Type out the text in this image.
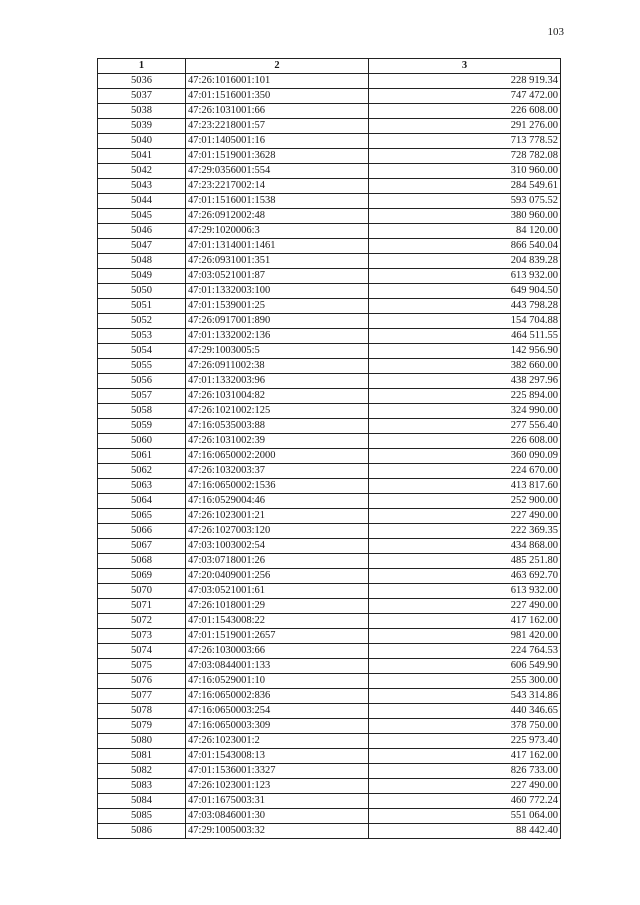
103
1	2	3
5036	47:26:1016001:101	228 919.34
5037	47:01:1516001:350	747 472.00
5038	47:26:1031001:66	226 608.00
5039	47:23:2218001:57	291 276.00
5040	47:01:1405001:16	713 778.52
5041	47:01:1519001:3628	728 782.08
5042	47:29:0356001:554	310 960.00
5043	47:23:2217002:14	284 549.61
5044	47:01:1516001:1538	593 075.52
5045	47:26:0912002:48	380 960.00
5046	47:29:1020006:3	84 120.00
5047	47:01:1314001:1461	866 540.04
5048	47:26:0931001:351	204 839.28
5049	47:03:0521001:87	613 932.00
5050	47:01:1332003:100	649 904.50
5051	47:01:1539001:25	443 798.28
5052	47:26:0917001:890	154 704.88
5053	47:01:1332002:136	464 511.55
5054	47:29:1003005:5	142 956.90
5055	47:26:0911002:38	382 660.00
5056	47:01:1332003:96	438 297.96
5057	47:26:1031004:82	225 894.00
5058	47:26:1021002:125	324 990.00
5059	47:16:0535003:88	277 556.40
5060	47:26:1031002:39	226 608.00
5061	47:16:0650002:2000	360 090.09
5062	47:26:1032003:37	224 670.00
5063	47:16:0650002:1536	413 817.60
5064	47:16:0529004:46	252 900.00
5065	47:26:1023001:21	227 490.00
5066	47:26:1027003:120	222 369.35
5067	47:03:1003002:54	434 868.00
5068	47:03:0718001:26	485 251.80
5069	47:20:0409001:256	463 692.70
5070	47:03:0521001:61	613 932.00
5071	47:26:1018001:29	227 490.00
5072	47:01:1543008:22	417 162.00
5073	47:01:1519001:2657	981 420.00
5074	47:26:1030003:66	224 764.53
5075	47:03:0844001:133	606 549.90
5076	47:16:0529001:10	255 300.00
5077	47:16:0650002:836	543 314.86
5078	47:16:0650003:254	440 346.65
5079	47:16:0650003:309	378 750.00
5080	47:26:1023001:2	225 973.40
5081	47:01:1543008:13	417 162.00
5082	47:01:1536001:3327	826 733.00
5083	47:26:1023001:123	227 490.00
5084	47:01:1675003:31	460 772.24
5085	47:03:0846001:30	551 064.00
5086	47:29:1005003:32	88 442.40
